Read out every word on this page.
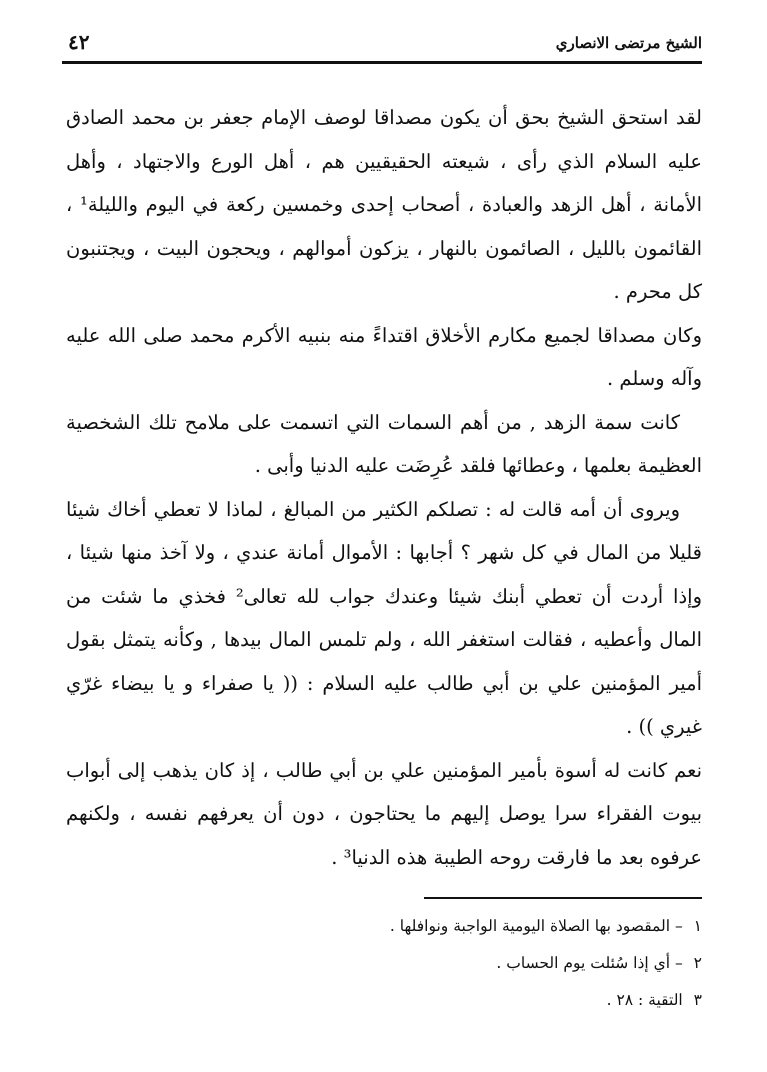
الشيخ مرتضى الانصاري
٤٢

لقد استحق الشيخ بحق أن يكون مصداقا لوصف الإمام جعفر بن محمد الصادق عليه السلام الذي رأى ، شيعته الحقيقيين هم ، أهل الورع والاجتهاد ، وأهل الأمانة ، أهل الزهد والعبادة ، أصحاب إحدى وخمسين ركعة في اليوم والليلة¹ ، القائمون بالليل ، الصائمون بالنهار ، يزكون أموالهم ، ويحجون البيت ، ويجتنبون كل محرم .

وكان مصداقا لجميع مكارم الأخلاق اقتداءً منه بنبيه الأكرم محمد صلى الله عليه وآله وسلم .

كانت سمة الزهد , من أهم السمات التي اتسمت على ملامح تلك الشخصية العظيمة بعلمها ، وعطائها فلقد عُرِضَت عليه الدنيا وأبى .

ويروى أن أمه قالت له : تصلكم الكثير من المبالغ ، لماذا لا تعطي أخاك شيئا قليلا من المال في كل شهر ؟ أجابها : الأموال أمانة عندي ، ولا آخذ منها شيئا ، وإذا أردت أن تعطي أبنك شيئا وعندك جواب لله تعالى² فخذي ما شئت من المال وأعطيه ، فقالت استغفر الله ، ولم تلمس المال بيدها , وكأنه يتمثل بقول أمير المؤمنين علي بن أبي طالب عليه السلام : (( يا صفراء و يا بيضاء غرّي غيري )) .

نعم كانت له أسوة بأمير المؤمنين علي بن أبي طالب ، إذ كان يذهب إلى أبواب بيوت الفقراء سرا يوصل إليهم ما يحتاجون ، دون أن يعرفهم نفسه ، ولكنهم عرفوه بعد ما فارقت روحه الطيبة هذه الدنيا³ .

١ – المقصود بها الصلاة اليومية الواجبة ونوافلها .

٢ – أي إذا سُئلت يوم الحساب .

٣ التقية : ٢٨ .
